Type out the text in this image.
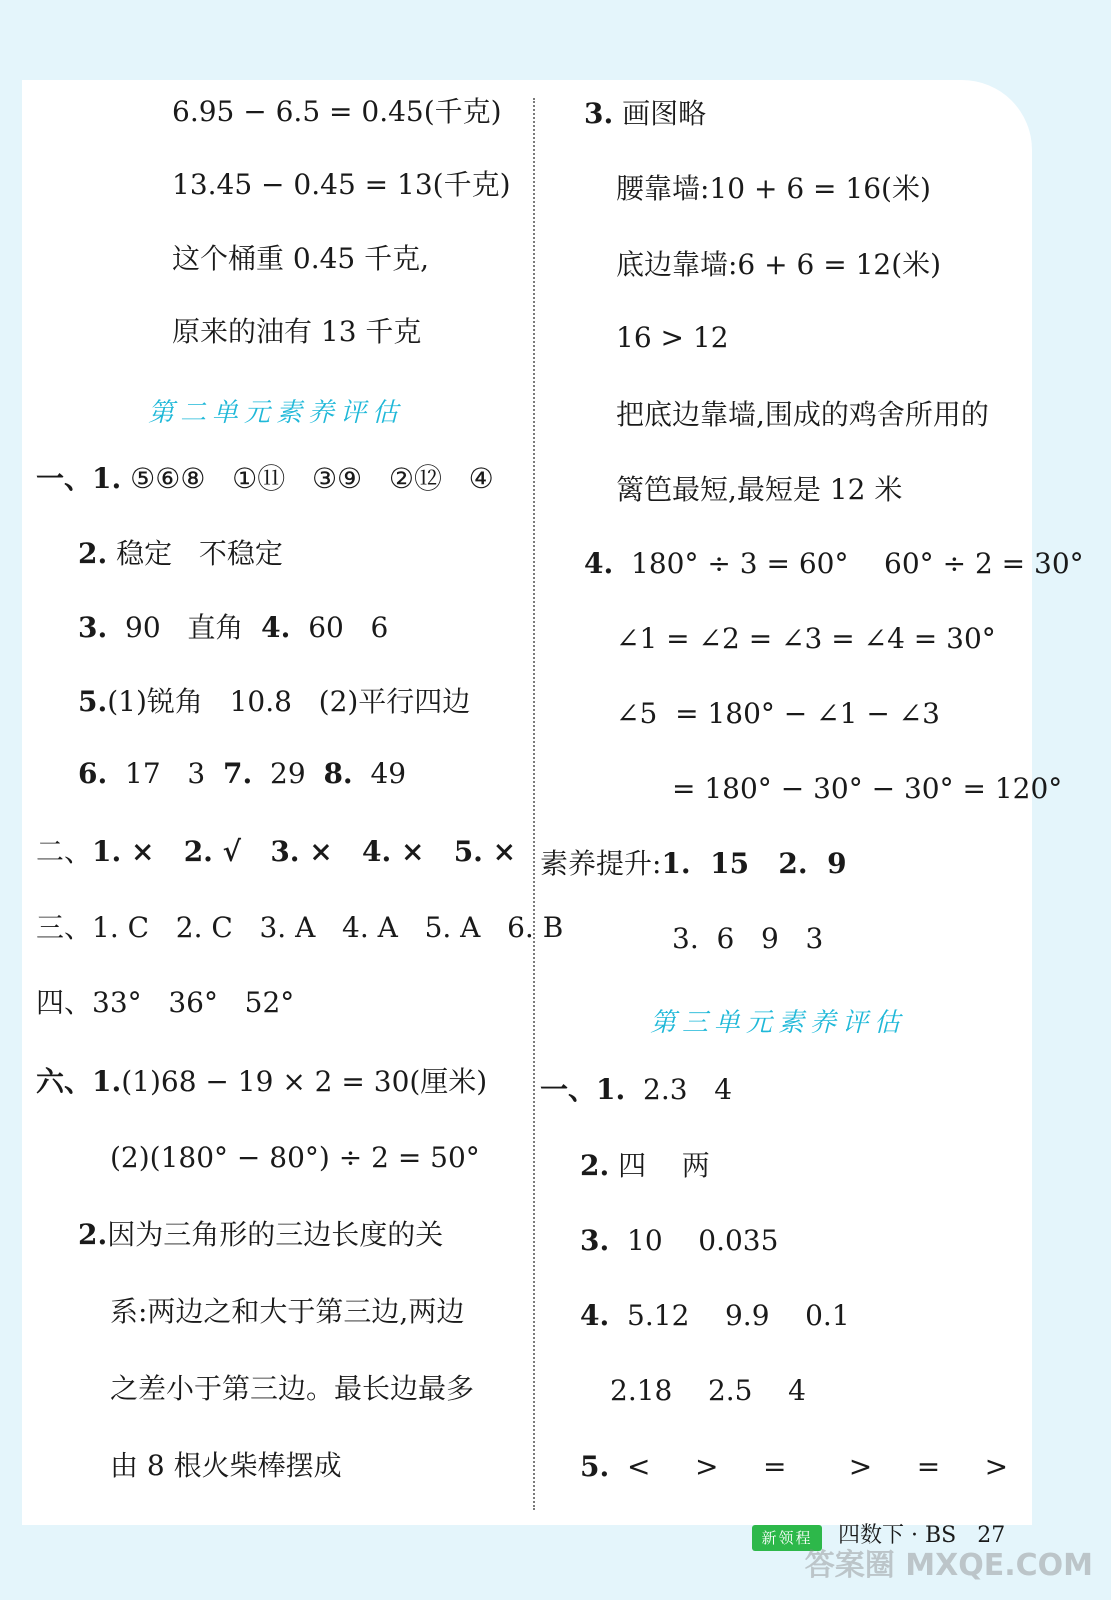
6.95 − 6.5 = 0.45(千克)
13.45 − 0.45 = 13(千克)
这个桶重 0.45 千克,
原来的油有 13 千克
第二单元素养评估
一、1. ⑤⑥⑧   ①⑪   ③⑨   ②⑫   ④
2. 稳定   不稳定
3.  90   直角  4.  60   6
5.(1)锐角   10.8   (2)平行四边
6.  17   3  7.  29  8.  49
二、1. ×   2. √   3. ×   4. ×   5. ×
三、1. C   2. C   3. A   4. A   5. A   6. B
四、33°   36°   52°
六、1.(1)68 − 19 × 2 = 30(厘米)
(2)(180° − 80°) ÷ 2 = 50°
2.因为三角形的三边长度的关
系:两边之和大于第三边,两边
之差小于第三边。最长边最多
由 8 根火柴棒摆成
3. 画图略
腰靠墙:10 + 6 = 16(米)
底边靠墙:6 + 6 = 12(米)
16 > 12
把底边靠墙,围成的鸡舍所用的
篱笆最短,最短是 12 米
4.  180° ÷ 3 = 60°    60° ÷ 2 = 30°
∠1 = ∠2 = ∠3 = ∠4 = 30°
∠5  = 180° − ∠1 − ∠3
= 180° − 30° − 30° = 120°
素养提升:1.  15   2.  9
3.  6   9   3
第三单元素养评估
一、1.  2.3   4
2. 四    两
3.  10    0.035
4.  5.12    9.9    0.1
2.18    2.5    4
5.  <     >     =       >     =     >
新领程	四数下 · BS   27
答案圈 MXQE.COM
